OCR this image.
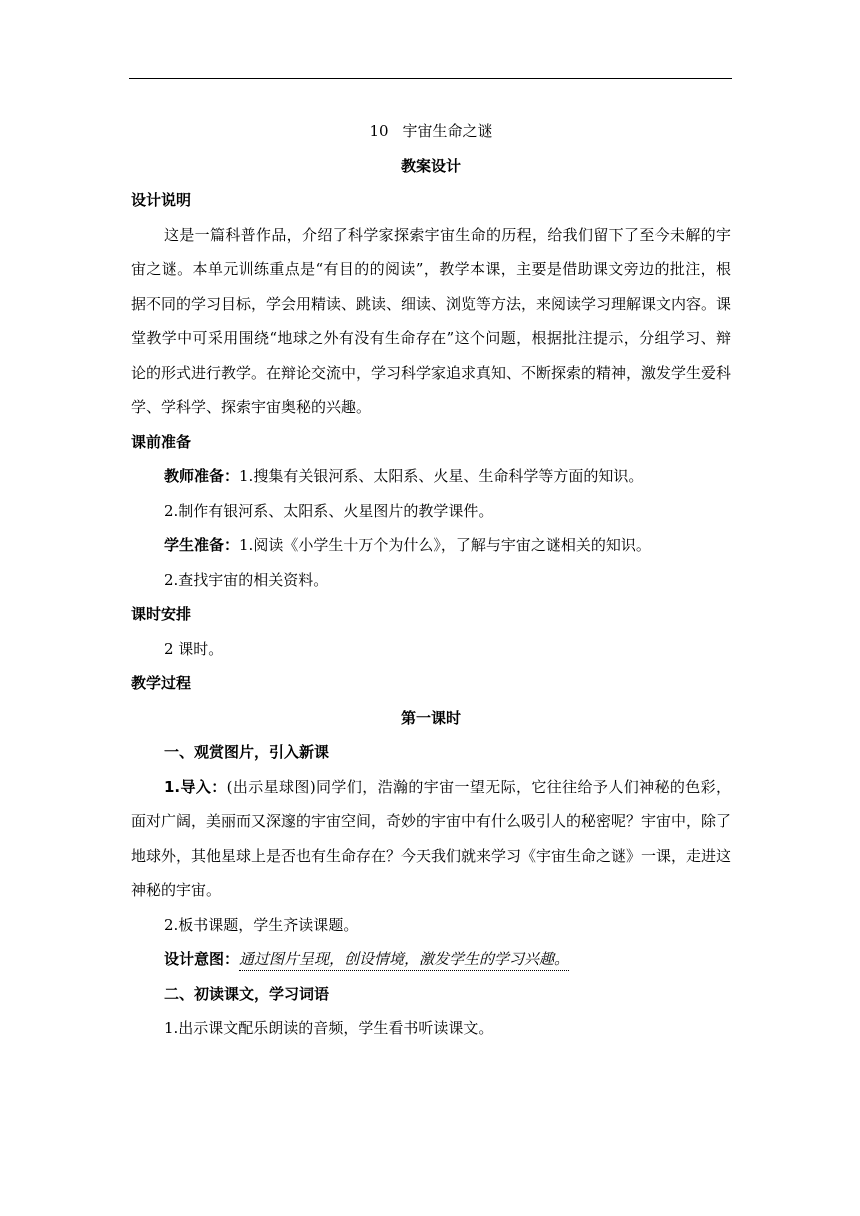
10 宇宙生命之谜
教案设计
设计说明

这是一篇科普作品，介绍了科学家探索宇宙生命的历程，给我们留下了至今未解的宇宙之谜。本单元训练重点是“有目的的阅读”，教学本课，主要是借助课文旁边的批注，根据不同的学习目标，学会用精读、跳读、细读、浏览等方法，来阅读学习理解课文内容。课堂教学中可采用围绕“地球之外有没有生命存在”这个问题，根据批注提示，分组学习、辩论的形式进行教学。在辩论交流中，学习科学家追求真知、不断探索的精神，激发学生爱科学、学科学、探索宇宙奥秘的兴趣。

课前准备
教师准备：1.搜集有关银河系、太阳系、火星、生命科学等方面的知识。
2.制作有银河系、太阳系、火星图片的教学课件。
学生准备：1.阅读《小学生十万个为什么》，了解与宇宙之谜相关的知识。
2.查找宇宙的相关资料。
课时安排
2 课时。
教学过程
第一课时
一、观赏图片，引入新课

1.导入：(出示星球图)同学们，浩瀚的宇宙一望无际，它往往给予人们神秘的色彩，面对广阔，美丽而又深邃的宇宙空间，奇妙的宇宙中有什么吸引人的秘密呢？宇宙中，除了地球外，其他星球上是否也有生命存在？今天我们就来学习《宇宙生命之谜》一课，走进这神秘的宇宙。

2.板书课题，学生齐读课题。
设计意图：通过图片呈现，创设情境，激发学生的学习兴趣。
二、初读课文，学习词语
1.出示课文配乐朗读的音频，学生看书听读课文。
